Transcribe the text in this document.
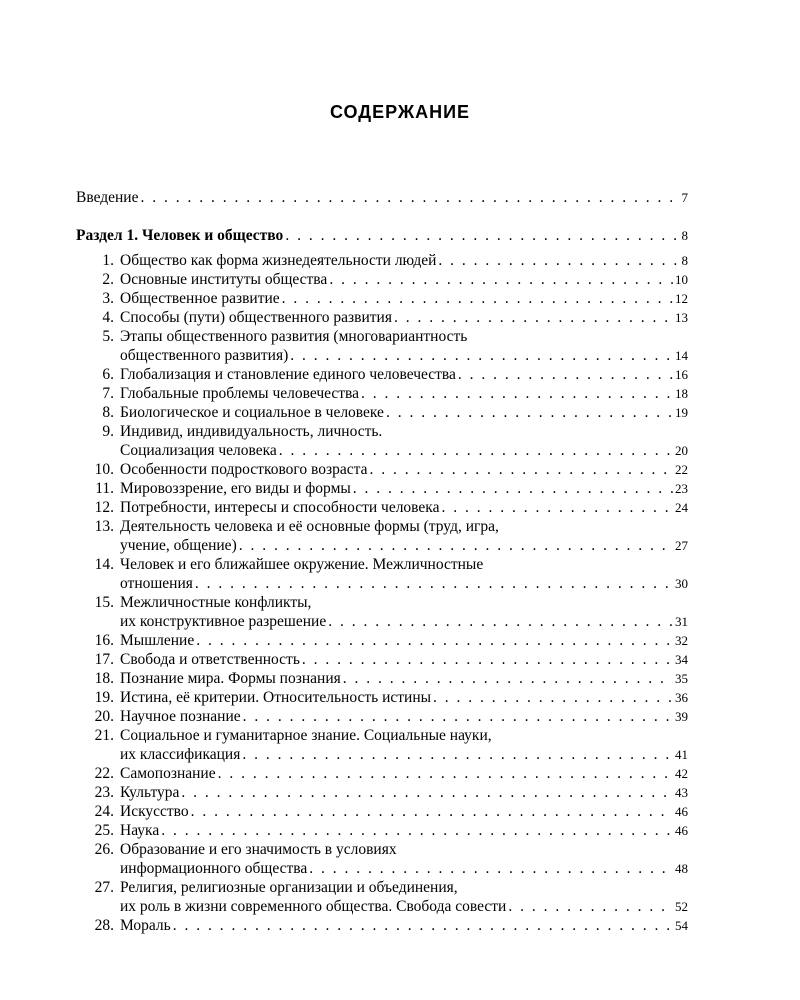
СОДЕРЖАНИЕ
Введение . . .	7
Раздел 1. Человек и общество . . .	8
1. Общество как форма жизнедеятельности людей . . .	8
2. Основные институты общества . . .	10
3. Общественное развитие . . .	12
4. Способы (пути) общественного развития . . .	13
5. Этапы общественного развития (многовариантность
общественного развития) . . .	14
6. Глобализация и становление единого человечества . . .	16
7. Глобальные проблемы человечества . . .	18
8. Биологическое и социальное в человеке . . .	19
9. Индивид, индивидуальность, личность.
Социализация человека . . .	20
10. Особенности подросткового возраста . . .	22
11. Мировоззрение, его виды и формы . . .	23
12. Потребности, интересы и способности человека . . .	24
13. Деятельность человека и её основные формы (труд, игра,
учение, общение) . . .	27
14. Человек и его ближайшее окружение. Межличностные
отношения . . .	30
15. Межличностные конфликты,
их конструктивное разрешение . . .	31
16. Мышление . . .	32
17. Свобода и ответственность . . .	34
18. Познание мира. Формы познания . . .	35
19. Истина, её критерии. Относительность истины . . .	36
20. Научное познание . . .	39
21. Социальное и гуманитарное знание. Социальные науки,
их классификация . . .	41
22. Самопознание . . .	42
23. Культура . . .	43
24. Искусство . . .	46
25. Наука . . .	46
26. Образование и его значимость в условиях
информационного общества . . .	48
27. Религия, религиозные организации и объединения,
их роль в жизни современного общества. Свобода совести . . .	52
28. Мораль . . .	54
